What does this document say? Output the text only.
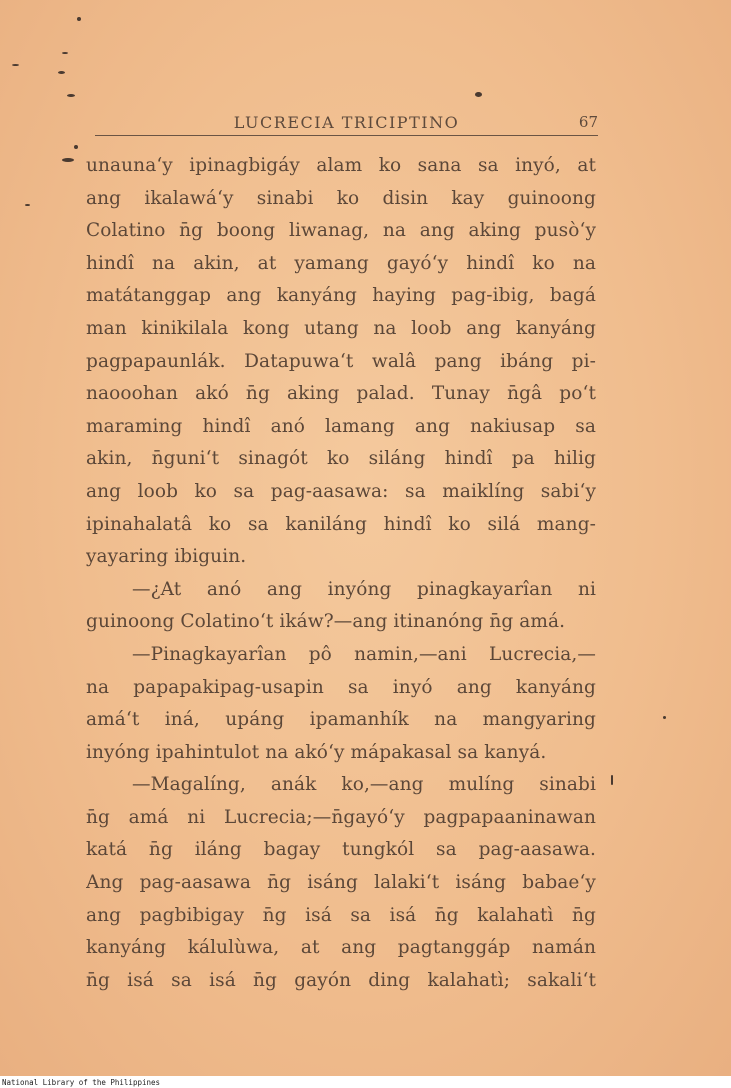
LUCRECIA TRICIPTINO	67
unauna‘y ipinagbigáy alam ko sana sa inyó, at
ang ikalawá‘y sinabi ko disin kay guinoong
Colatino n̄g boong liwanag, na ang aking pusò‘y
hindî na akin, at yamang gayó‘y hindî ko na
matátanggap ang kanyáng haying pag-ibig, bagá
man kinikilala kong utang na loob ang kanyáng
pagpapaunlák. Datapuwa‘t walâ pang ibáng pi-
naooohan akó n̄g aking palad. Tunay n̄gâ po‘t
maraming hindî anó lamang ang nakiusap sa
akin, n̄guni‘t sinagót ko siláng hindî pa hilig
ang loob ko sa pag-aasawa: sa maiklíng sabi‘y
ipinahalatâ ko sa kaniláng hindî ko silá mang-
yayaring ibiguin.
—¿At anó ang inyóng pinagkayarîan ni
guinoong Colatino‘t ikáw?—ang itinanóng n̄g amá.
—Pinagkayarîan pô namin,—ani Lucrecia,—
na papapakipag-usapin sa inyó ang kanyáng
amá‘t iná, upáng ipamanhík na mangyaring
inyóng ipahintulot na akó‘y mápakasal sa kanyá.
—Magalíng, anák ko,—ang mulíng sinabi
n̄g amá ni Lucrecia;—n̄gayó‘y pagpapaaninawan
katá n̄g iláng bagay tungkól sa pag-aasawa.
Ang pag-aasawa n̄g isáng lalaki‘t isáng babae‘y
ang pagbibigay n̄g isá sa isá n̄g kalahatì n̄g
kanyáng kálulùwa, at ang pagtanggáp namán
n̄g isá sa isá n̄g gayón ding kalahatì; sakali‘t
National Library of the Philippines
